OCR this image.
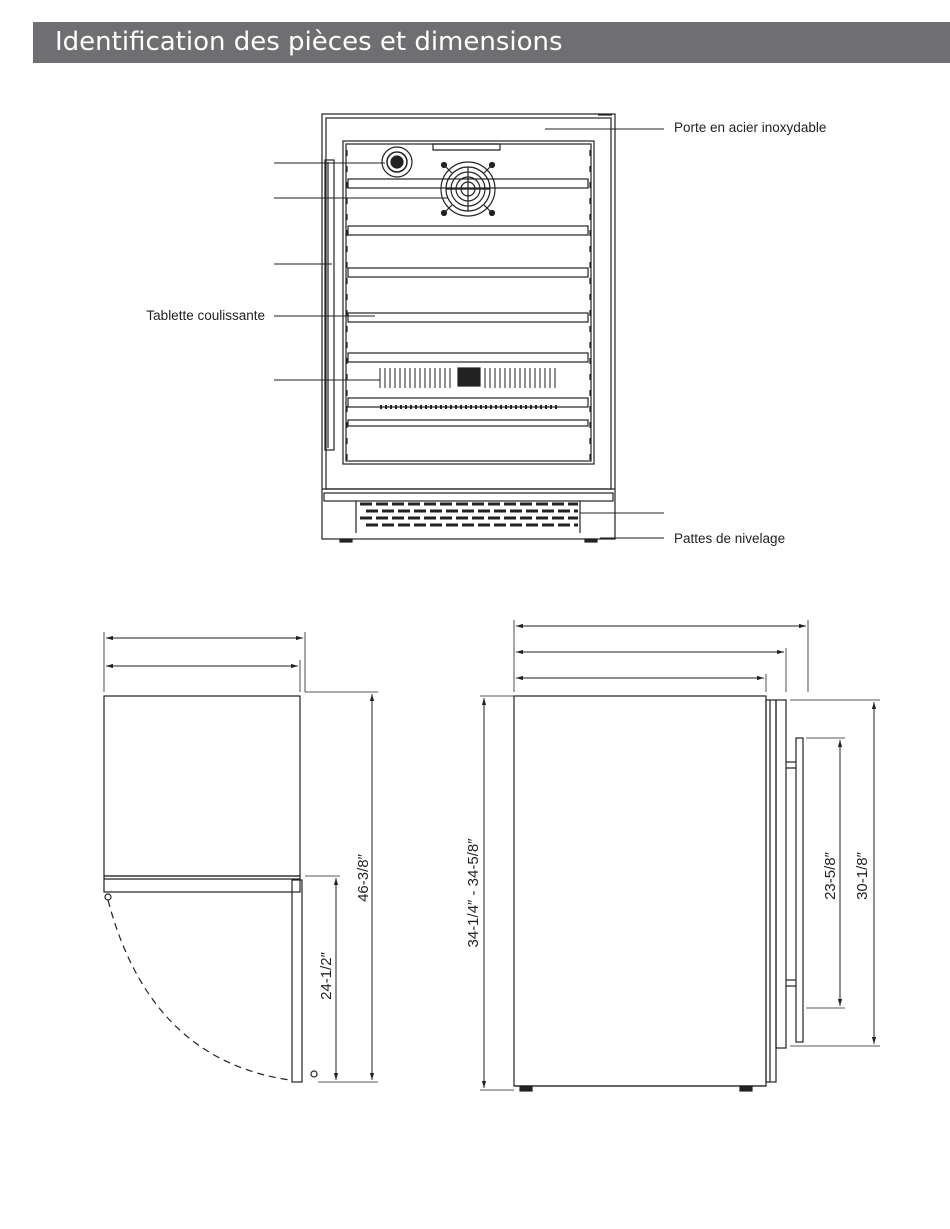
Identification des pièces et dimensions
Porte en acier inoxydable
Tablette coulissante
Pattes de nivelage
46-3/8″
24-1/2″
34-1/4″ - 34-5/8″	23-5/8″ 30-1/8″
